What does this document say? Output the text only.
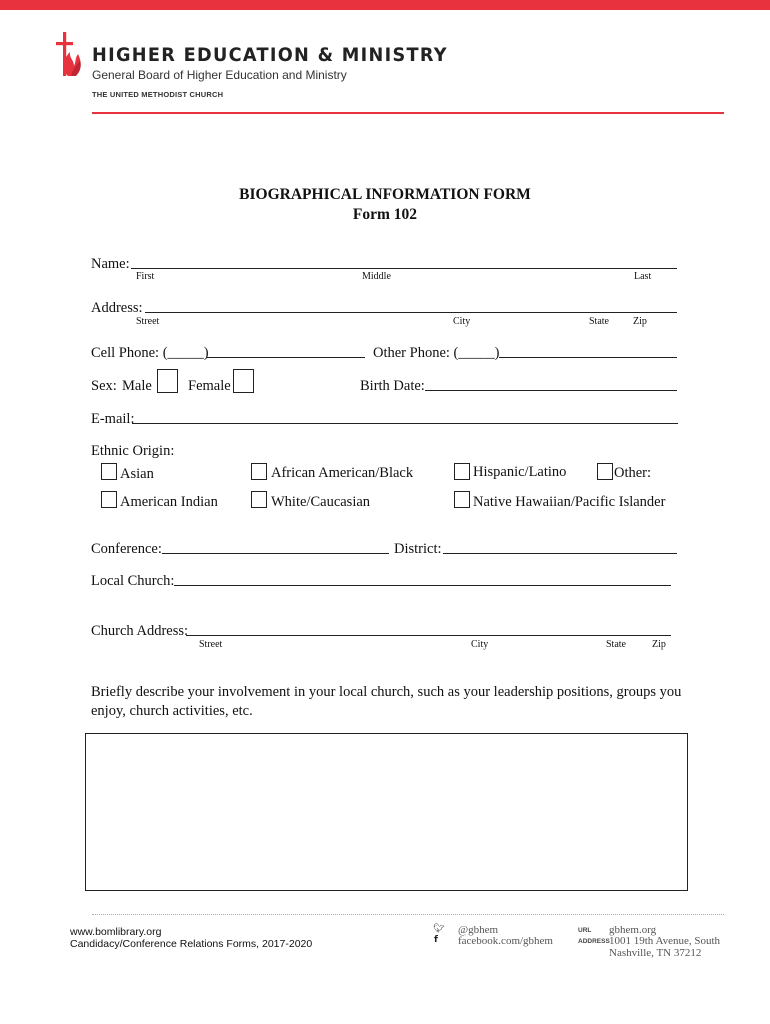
HIGHER EDUCATION & MINISTRY
General Board of Higher Education and Ministry
THE UNITED METHODIST CHURCH
BIOGRAPHICAL INFORMATION FORM
Form 102
Name:
First	Middle	Last
Address:
Street	City	State Zip
Cell Phone: (_____)	Other Phone: (_____)
Sex: Male Female	Birth Date:
E-mail:
Ethnic Origin:
Asian	African American/Black	Hispanic/Latino	Other:
American Indian	White/Caucasian	Native Hawaiian/Pacific Islander
Conference:	District:
Local Church:
Church Address:
Street	City	State	Zip
Briefly describe your involvement in your local church, such as your leadership positions, groups you enjoy, church activities, etc.
www.bomlibrary.org
Candidacy/Conference Relations Forms, 2017-2020
🐦︎ @gbhem
f facebook.com/gbhem
URL gbhem.org
ADDRESS 1001 19th Avenue, South
Nashville, TN 37212
